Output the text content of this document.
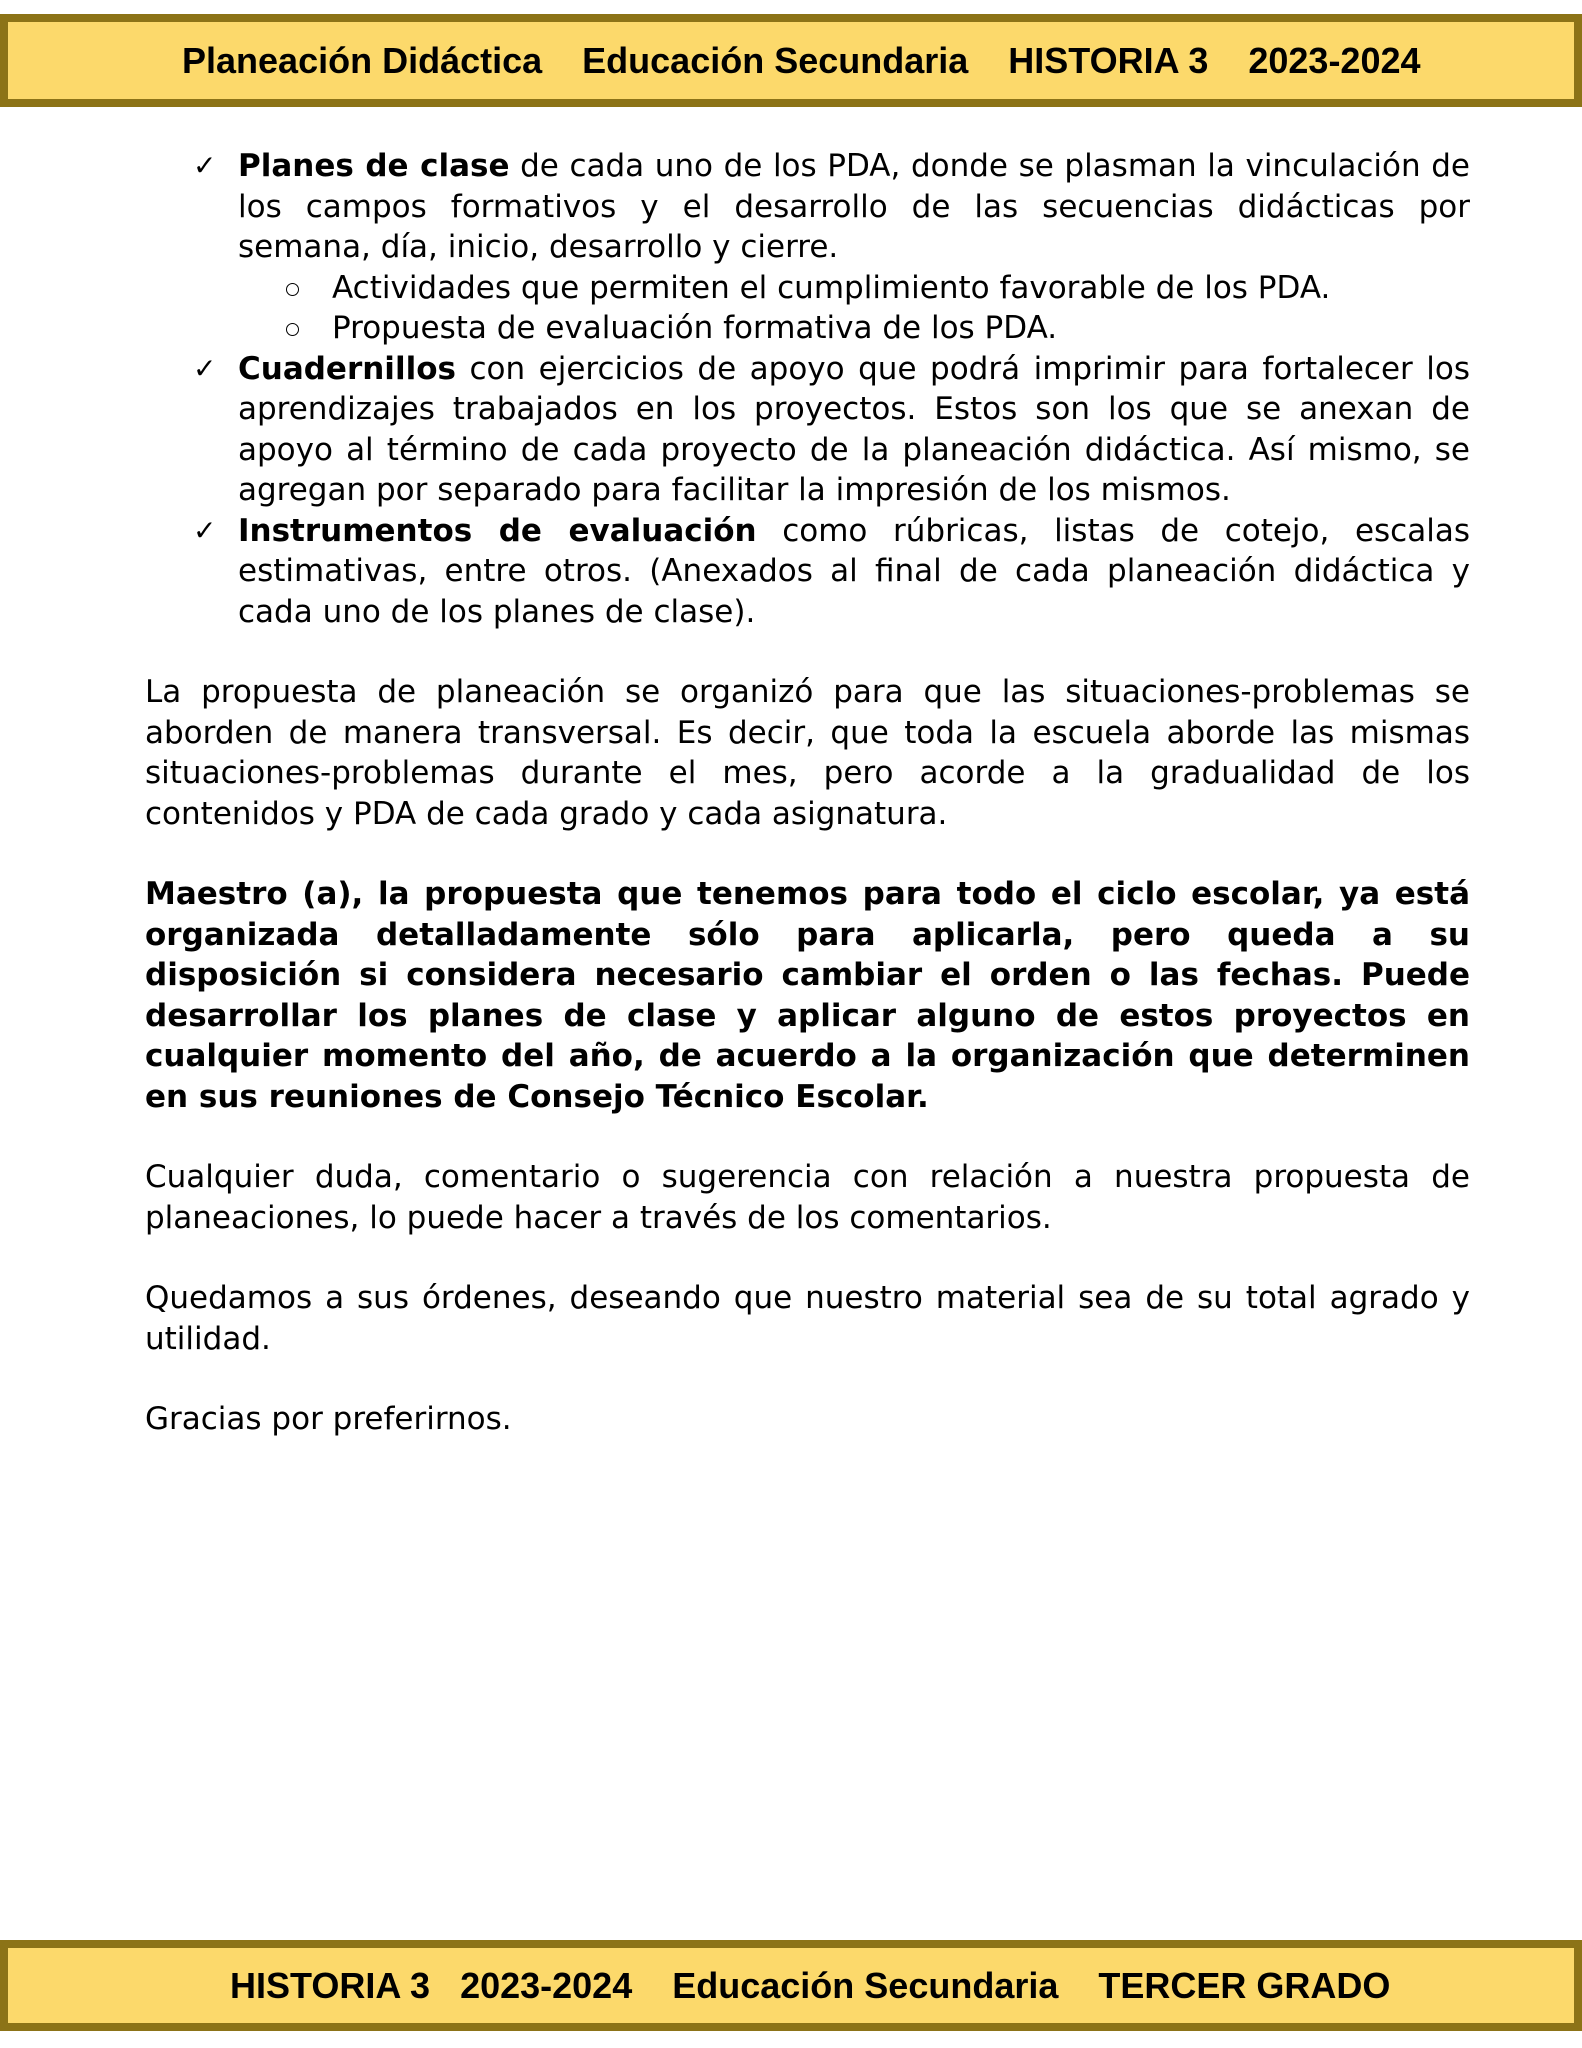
Planeación Didáctica
Educación Secundaria
HISTORIA 3
2023-2024
✓ Planes de clase de cada uno de los PDA, donde se plasman la vinculación de los campos formativos y el desarrollo de las secuencias didácticas por semana, día, inicio, desarrollo y cierre.
Actividades que permiten el cumplimiento favorable de los PDA.
Propuesta de evaluación formativa de los PDA.
✓ Cuadernillos con ejercicios de apoyo que podrá imprimir para fortalecer los aprendizajes trabajados en los proyectos. Estos son los que se anexan de apoyo al término de cada proyecto de la planeación didáctica. Así mismo, se agregan por separado para facilitar la impresión de los mismos.
✓ Instrumentos de evaluación como rúbricas, listas de cotejo, escalas estimativas, entre otros. (Anexados al final de cada planeación didáctica y cada uno de los planes de clase).

La propuesta de planeación se organizó para que las situaciones-problemas se aborden de manera transversal. Es decir, que toda la escuela aborde las mismas situaciones-problemas durante el mes, pero acorde a la gradualidad de los contenidos y PDA de cada grado y cada asignatura.

Maestro (a), la propuesta que tenemos para todo el ciclo escolar, ya está organizada detalladamente sólo para aplicarla, pero queda a su disposición si considera necesario cambiar el orden o las fechas. Puede desarrollar los planes de clase y aplicar alguno de estos proyectos en cualquier momento del año, de acuerdo a la organización que determinen en sus reuniones de Consejo Técnico Escolar.

Cualquier duda, comentario o sugerencia con relación a nuestra propuesta de planeaciones, lo puede hacer a través de los comentarios.

Quedamos a sus órdenes, deseando que nuestro material sea de su total agrado y utilidad.

Gracias por preferirnos.

HISTORIA 3
2023-2024
Educación Secundaria
TERCER GRADO
